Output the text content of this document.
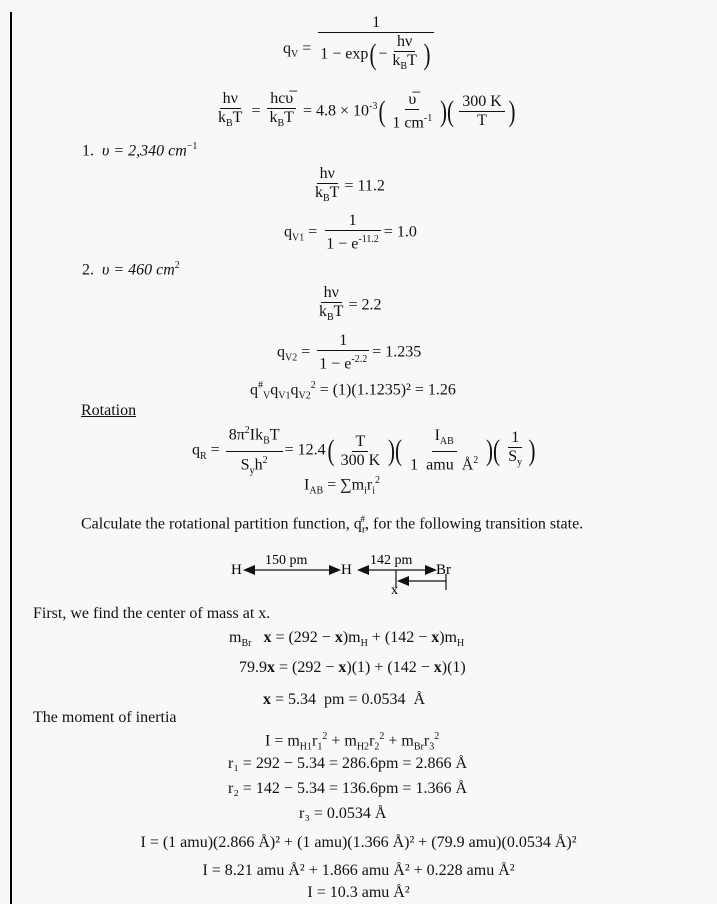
$q_V = \frac{1}{1 - \exp(- \frac{h\nu}{k_BT} )}$
$\frac{h\nu}{k_BT} = \frac{\text{hcυ̅}}{k_BT} = 4.8 \times 10^{-3}( \frac{\upsilon̅}{1 cm^{-1}}$ )( $\frac{300 K}{T}$ )
1. υ = 2,340 $cm^{-1}$
$\frac{h\nu}{k_BT} = 11.2$
$q_{V1} = \frac{1}{1 - e^{-11.2}} = 1.0$
2. υ = 460 $cm^2$
$\frac{h\nu}{k_BT} = 2.2$
$q_{V2} = \frac{1}{1 - e^{-2.2}} = 1.235$
$q^{\#}_Vq_{V1}q_{V2}^2 = (1)(1.1235)^2 = 1.26$
Rotation
$q_R = \frac{8\pi^2Ik_BT}{S_yh^2} = 12.4( \frac{T}{300 K}$ )( $\frac{I_{AB}}{1 amu Å^2}$ )( $\frac{1}{S_y}$ )
$I_{AB} = \sum m_ir_i^2$
Calculate the rotational partition function, $q_r^{\#}$, for the following transition state.
H
150 pm
H
142 pm
Br
x
First, we find the center of mass at x.
$m_{Br}$ $x = (292 - x)m_H + (142 - x)m_H$
79.9x = (292 − x)(1) + (142 − x)(1)
x = 5.34  pm = 0.0534  Å
The moment of inertia
$I = m_{H1}r_1^2 + m_{H2}r_2^2 + m_{Br}r_3^2$
r₁ = 292 − 5.34 = 286.6pm = 2.866 Å
r₂ = 142 − 5.34 = 136.6pm = 1.366 Å
r₃ = 0.0534 Å
I = (1 amu)(2.866 Å)² + (1 amu)(1.366 Å)² + (79.9 amu)(0.0534 Å)²
I = 8.21 amu Å² + 1.866 amu Å² + 0.228 amu Å²
I = 10.3 amu Å²
